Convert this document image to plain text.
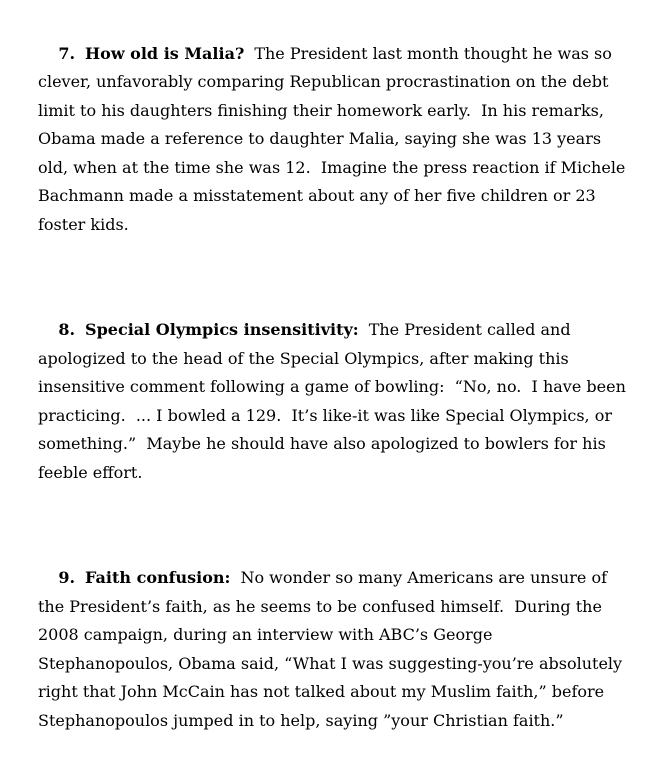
7. How old is Malia? The President last month thought he was so clever, unfavorably comparing Republican procrastination on the debt limit to his daughters finishing their homework early.  In his remarks, Obama made a reference to daughter Malia, saying she was 13 years old, when at the time she was 12.  Imagine the press reaction if Michele Bachmann made a misstatement about any of her five children or 23 foster kids.

8. Special Olympics insensitivity: The President called and apologized to the head of the Special Olympics, after making this insensitive comment following a game of bowling:  “No, no.  I have been practicing.  ... I bowled a 129.  It’s like-it was like Special Olympics, or something.”  Maybe he should have also apologized to bowlers for his feeble effort.

9. Faith confusion: No wonder so many Americans are unsure of the President’s faith, as he seems to be confused himself.  During the 2008 campaign, during an interview with ABC’s George Stephanopoulos, Obama said, “What I was suggesting-you’re absolutely right that John McCain has not talked about my Muslim faith,” before Stephanopoulos jumped in to help, saying ”your Christian faith.”
